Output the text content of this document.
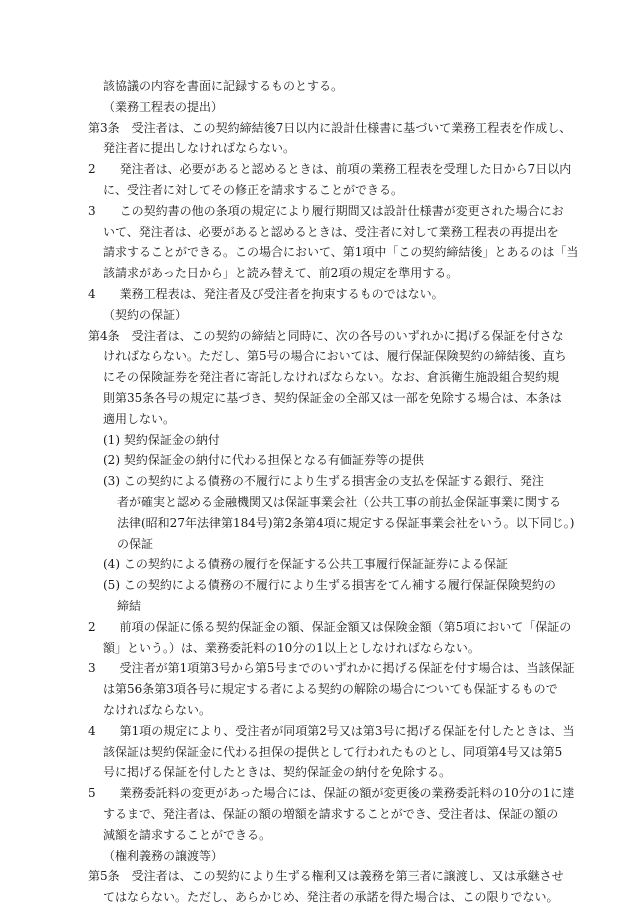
該協議の内容を書面に記録するものとする。
（業務工程表の提出）
第3条　受注者は、この契約締結後7日以内に設計仕様書に基づいて業務工程表を作成し、
発注者に提出しなければならない。
2　　発注者は、必要があると認めるときは、前項の業務工程表を受理した日から7日以内
に、受注者に対してその修正を請求することができる。
3　　この契約書の他の条項の規定により履行期間又は設計仕様書が変更された場合にお
いて、発注者は、必要があると認めるときは、受注者に対して業務工程表の再提出を
請求することができる。この場合において、第1項中「この契約締結後」とあるのは「当
該請求があった日から」と読み替えて、前2項の規定を準用する。
4　　業務工程表は、発注者及び受注者を拘束するものではない。
（契約の保証）
第4条　受注者は、この契約の締結と同時に、次の各号のいずれかに掲げる保証を付さな
ければならない。ただし、第5号の場合においては、履行保証保険契約の締結後、直ち
にその保険証券を発注者に寄託しなければならない。なお、倉浜衛生施設組合契約規
則第35条各号の規定に基づき、契約保証金の全部又は一部を免除する場合は、本条は
適用しない。
(1) 契約保証金の納付
(2) 契約保証金の納付に代わる担保となる有価証券等の提供
(3) この契約による債務の不履行により生ずる損害金の支払を保証する銀行、発注
者が確実と認める金融機関又は保証事業会社（公共工事の前払金保証事業に関する
法律(昭和27年法律第184号)第2条第4項に規定する保証事業会社をいう。以下同じ。)
の保証
(4) この契約による債務の履行を保証する公共工事履行保証証券による保証
(5) この契約による債務の不履行により生ずる損害をてん補する履行保証保険契約の
締結
2　　前項の保証に係る契約保証金の額、保証金額又は保険金額（第5項において「保証の
額」という。）は、業務委託料の10分の1以上としなければならない。
3　　受注者が第1項第3号から第5号までのいずれかに掲げる保証を付す場合は、当該保証
は第56条第3項各号に規定する者による契約の解除の場合についても保証するもので
なければならない。
4　　第1項の規定により、受注者が同項第2号又は第3号に掲げる保証を付したときは、当
該保証は契約保証金に代わる担保の提供として行われたものとし、同項第4号又は第5
号に掲げる保証を付したときは、契約保証金の納付を免除する。
5　　業務委託料の変更があった場合には、保証の額が変更後の業務委託料の10分の1に達
するまで、発注者は、保証の額の増額を請求することができ、受注者は、保証の額の
減額を請求することができる。
（権利義務の譲渡等）
第5条　受注者は、この契約により生ずる権利又は義務を第三者に譲渡し、又は承継させ
てはならない。ただし、あらかじめ、発注者の承諾を得た場合は、この限りでない。
